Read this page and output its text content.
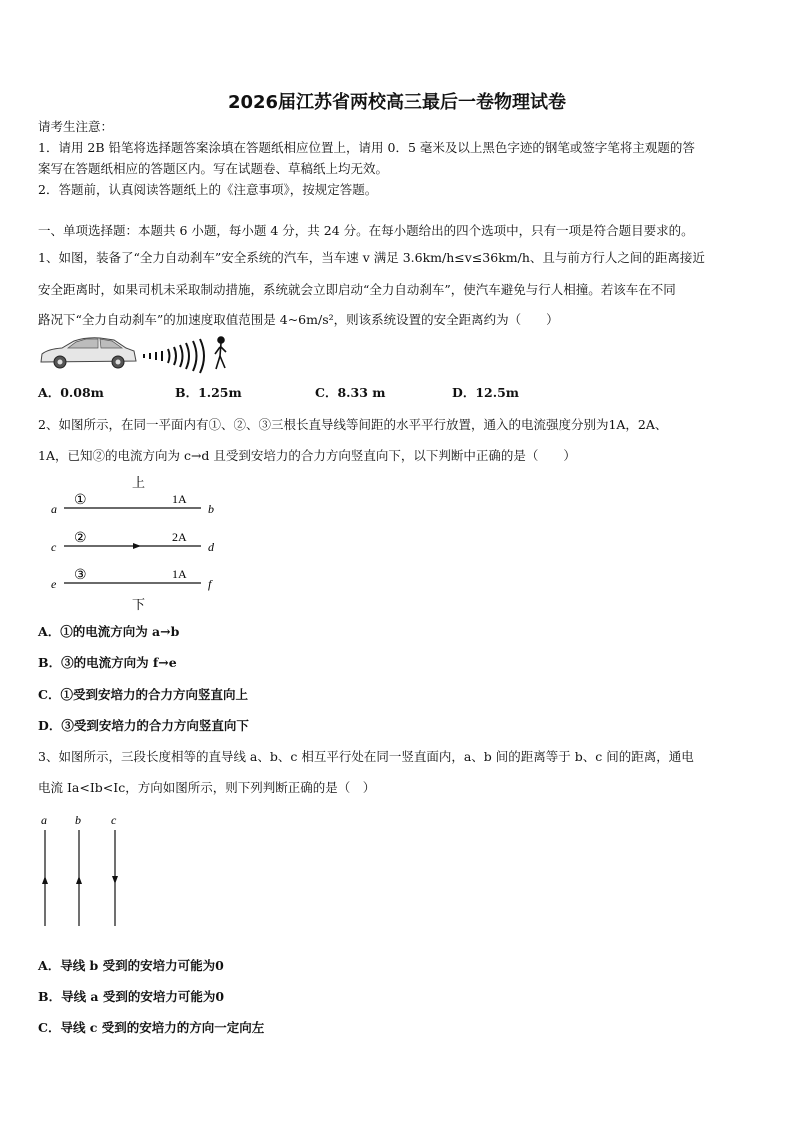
2026届江苏省两校高三最后一卷物理试卷
请考生注意：
1．请用 2B 铅笔将选择题答案涂填在答题纸相应位置上，请用 0．5 毫米及以上黑色字迹的钢笔或签字笔将主观题的答
案写在答题纸相应的答题区内。写在试题卷、草稿纸上均无效。
2．答题前，认真阅读答题纸上的《注意事项》，按规定答题。
一、单项选择题：本题共 6 小题，每小题 4 分，共 24 分。在每小题给出的四个选项中，只有一项是符合题目要求的。
1、如图，装备了“全力自动刹车”安全系统的汽车，当车速 v 满足 3.6km/h≤v≤36km/h、且与前方行人之间的距离接近
安全距离时，如果司机未采取制动措施，系统就会立即启动“全力自动刹车”，使汽车避免与行人相撞。若该车在不同
路况下“全力自动刹车”的加速度取值范围是 4~6m/s²，则该系统设置的安全距离约为（　　）
A．0.08m	B．1.25m	C．8.33 m	D．12.5m
2、如图所示，在同一平面内有①、②、③三根长直导线等间距的水平平行放置，通入的电流强度分别为1A，2A、
1A，已知②的电流方向为 c→d 且受到安培力的合力方向竖直向下，以下判断中正确的是（　　）
上
下
①	1A
a	b
②	2A
c	d
③	1A
e	f
A．①的电流方向为 a→b
B．③的电流方向为 f→e
C．①受到安培力的合力方向竖直向上
D．③受到安培力的合力方向竖直向下
3、如图所示，三段长度相等的直导线 a、b、c 相互平行处在同一竖直面内，a、b 间的距离等于 b、c 间的距离，通电
电流 Ia<Ib<Ic，方向如图所示，则下列判断正确的是（　）
a b	c
A．导线 b 受到的安培力可能为0
B．导线 a 受到的安培力可能为0
C．导线 c 受到的安培力的方向一定向左
